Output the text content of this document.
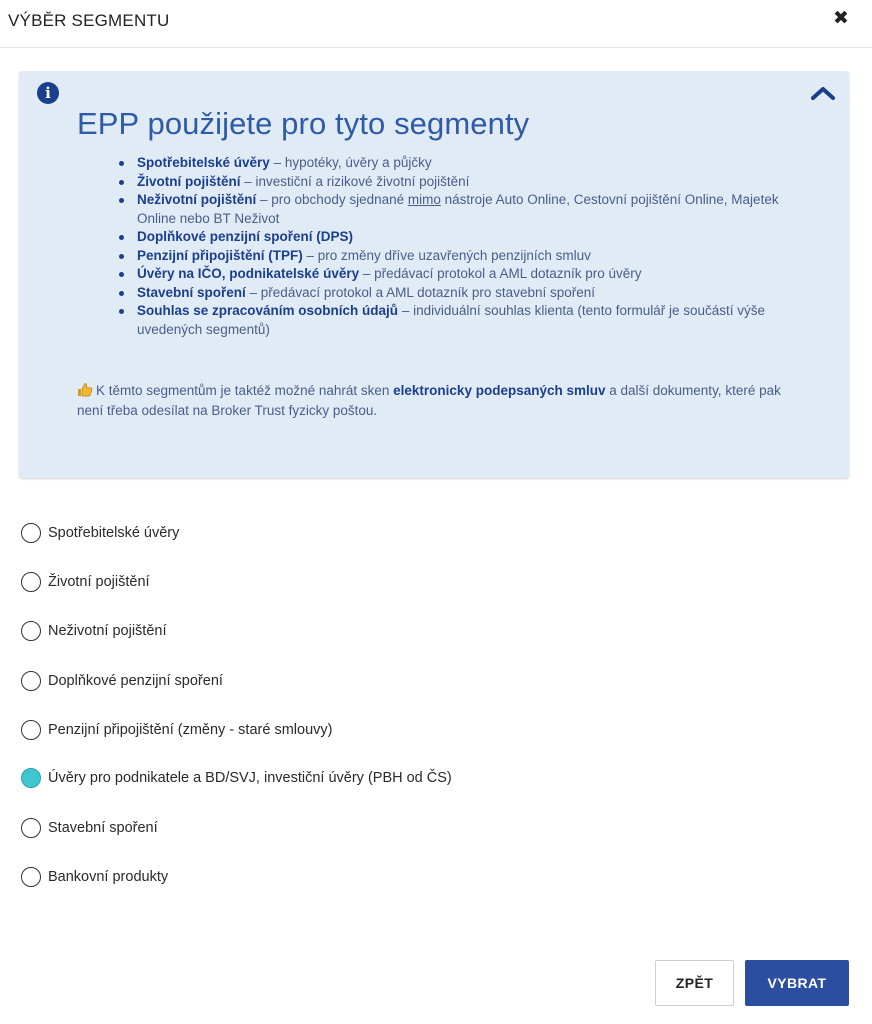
VÝBĚR SEGMENTU	✖
i
EPP použijete pro tyto segmenty
Spotřebitelské úvěry – hypotéky, úvěry a půjčky
Životní pojištění – investiční a rizikové životní pojištění
Neživotní pojištění – pro obchody sjednané mimo nástroje Auto Online, Cestovní pojištění Online, Majetek Online nebo BT Neživot
Doplňkové penzijní spoření (DPS)
Penzijní připojištění (TPF) – pro změny dříve uzavřených penzijních smluv
Úvěry na IČO, podnikatelské úvěry – předávací protokol a AML dotazník pro úvěry
Stavební spoření – předávací protokol a AML dotazník pro stavební spoření
Souhlas se zpracováním osobních údajů – individuální souhlas klienta (tento formulář je součástí výše uvedených segmentů)
K těmto segmentům je taktéž možné nahrát sken elektronicky podepsaných smluv a další dokumenty, které pak není třeba odesílat na Broker Trust fyzicky poštou.
Spotřebitelské úvěry
Životní pojištění
Neživotní pojištění
Doplňkové penzijní spoření
Penzijní připojištění (změny - staré smlouvy)
Úvěry pro podnikatele a BD/SVJ, investiční úvěry (PBH od ČS)
Stavební spoření
Bankovní produkty
ZPĚT	VYBRAT
